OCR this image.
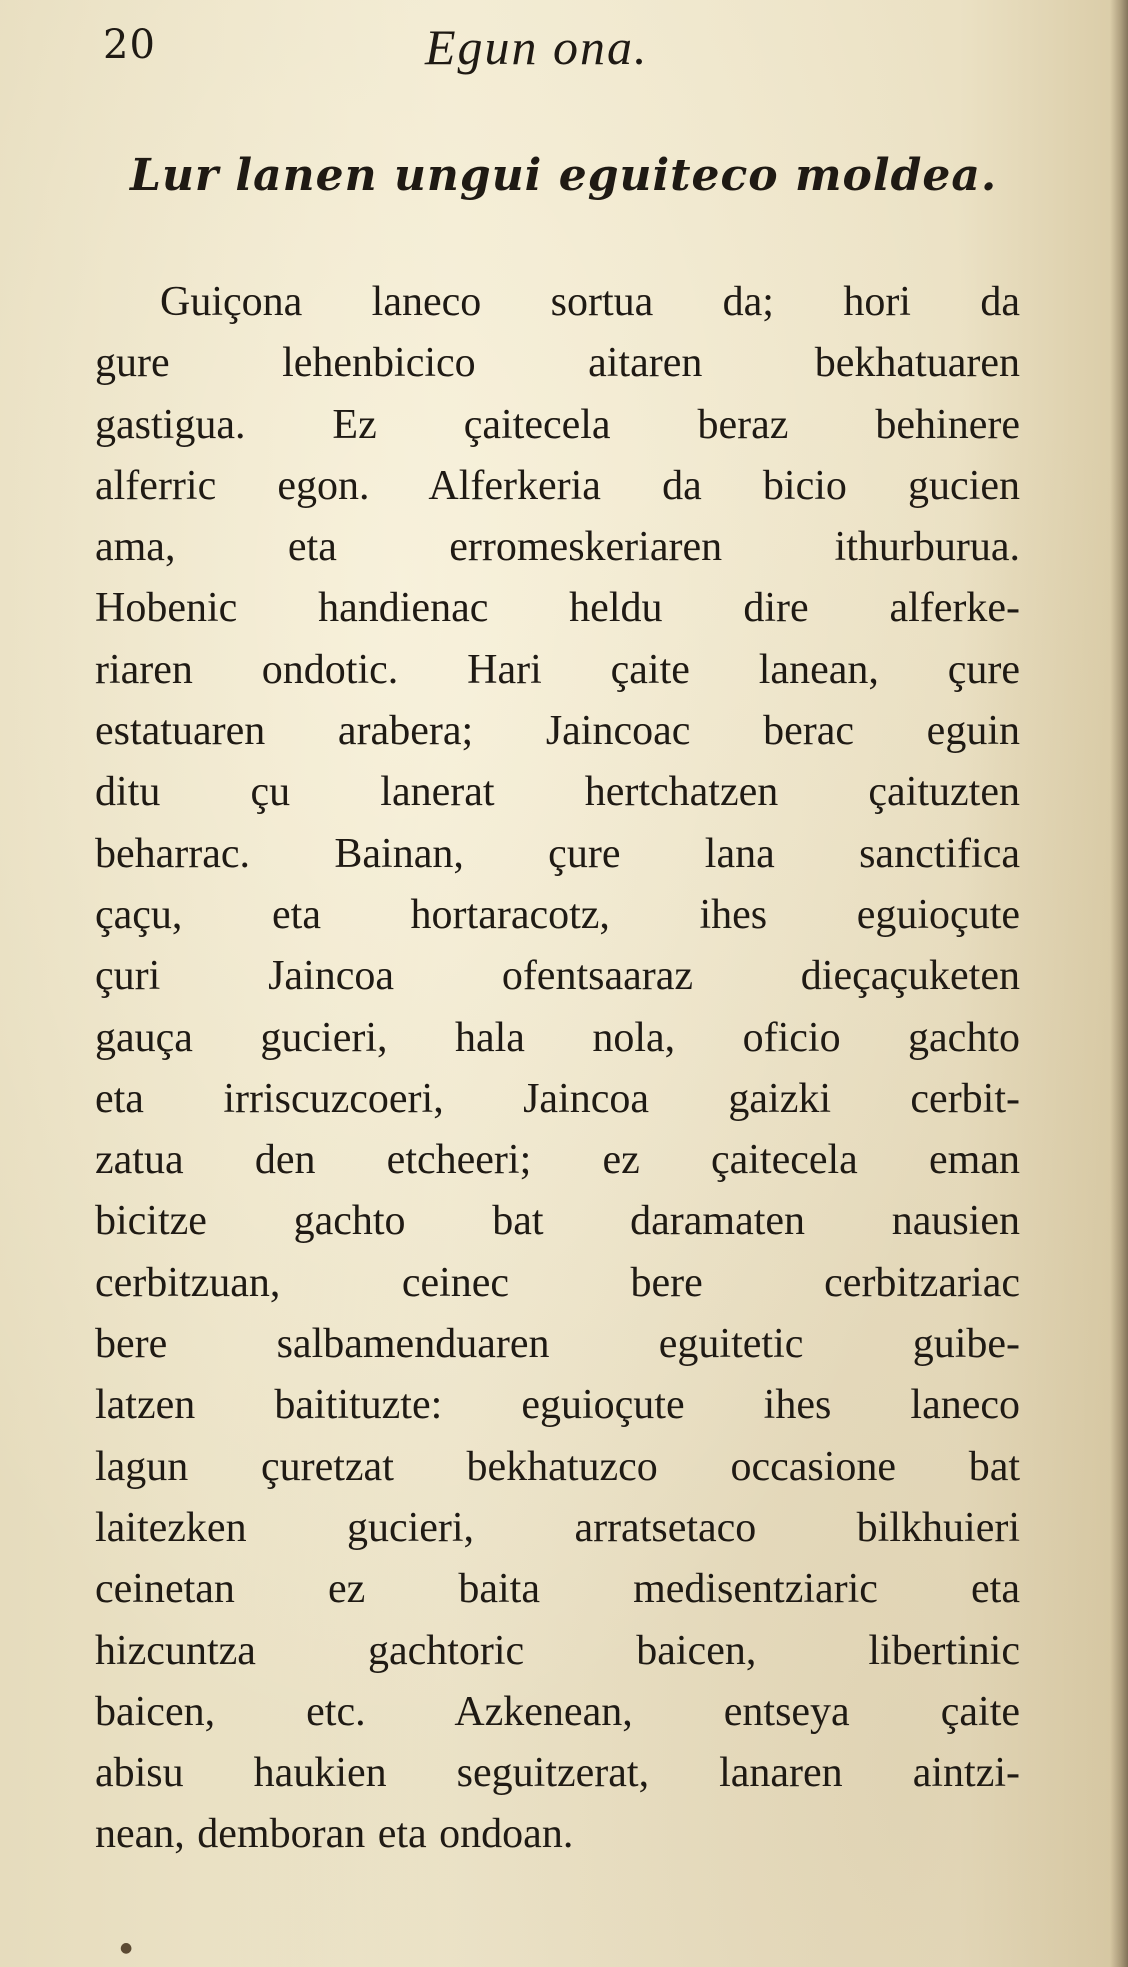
20	Egun ona.
Lur lanen ungui eguiteco moldea.
Guiçona laneco sortua da; hori da
gure lehenbicico aitaren bekhatuaren
gastigua. Ez çaitecela beraz behinere
alferric egon. Alferkeria da bicio gucien
ama, eta erromeskeriaren ithurburua.
Hobenic handienac heldu dire alferke-
riaren ondotic. Hari çaite lanean, çure
estatuaren arabera; Jaincoac berac eguin
ditu çu lanerat hertchatzen çaituzten
beharrac. Bainan, çure lana sanctifica
çaçu, eta hortaracotz, ihes eguioçute
çuri Jaincoa ofentsaaraz dieçaçuketen
gauça gucieri, hala nola, oficio gachto
eta irriscuzcoeri, Jaincoa gaizki cerbit-
zatua den etcheeri; ez çaitecela eman
bicitze gachto bat daramaten nausien
cerbitzuan, ceinec bere cerbitzariac
bere salbamenduaren eguitetic guibe-
latzen baitituzte: eguioçute ihes laneco
lagun çuretzat bekhatuzco occasione bat
laitezken gucieri, arratsetaco bilkhuieri
ceinetan ez baita medisentziaric eta
hizcuntza gachtoric baicen, libertinic
baicen, etc. Azkenean, entseya çaite
abisu haukien seguitzerat, lanaren aintzi-
nean, demboran eta ondoan.
●
